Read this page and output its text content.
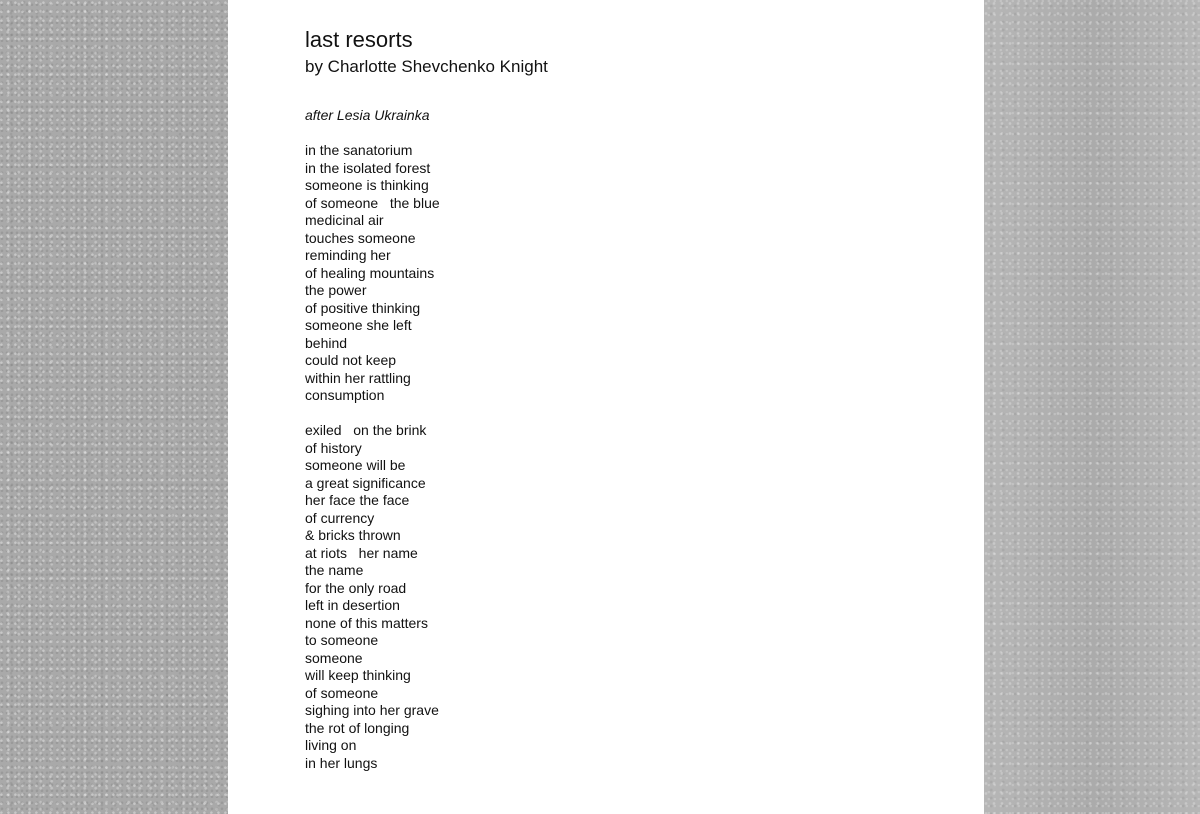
last resorts
by Charlotte Shevchenko Knight
after Lesia Ukrainka
in the sanatorium
in the isolated forest
someone is thinking
of someone   the blue
medicinal air
touches someone
reminding her
of healing mountains
the power
of positive thinking
someone she left
behind
could not keep
within her rattling
consumption
exiled   on the brink
of history
someone will be
a great significance
her face the face
of currency
& bricks thrown
at riots   her name
the name
for the only road
left in desertion
none of this matters
to someone
someone
will keep thinking
of someone
sighing into her grave
the rot of longing
living on
in her lungs
